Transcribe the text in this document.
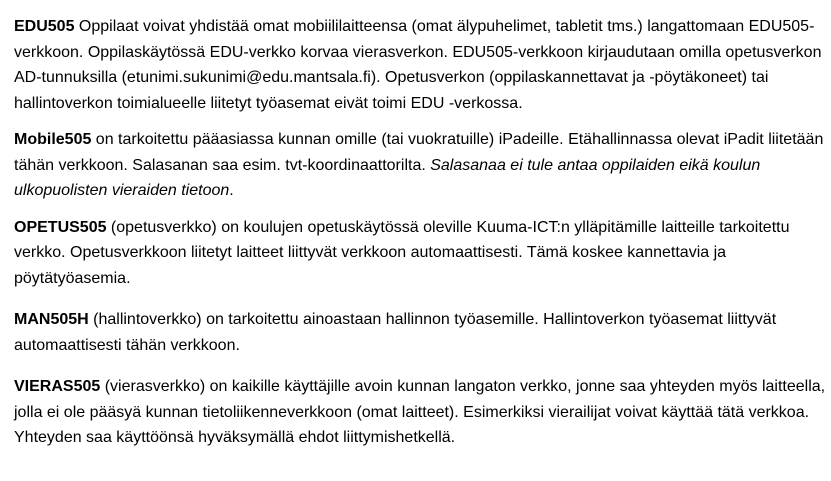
EDU505 Oppilaat voivat yhdistää omat mobiililaitteensa (omat älypuhelimet, tabletit tms.) langattomaan EDU505-verkkoon. Oppilaskäytössä EDU-verkko korvaa vierasverkon. EDU505-verkkoon kirjaudutaan omilla opetusverkon AD-tunnuksilla (etunimi.sukunimi@edu.mantsala.fi). Opetusverkon (oppilaskannettavat ja -pöytäkoneet) tai hallintoverkon toimialueelle liitetyt työasemat eivät toimi EDU -verkossa.

Mobile505 on tarkoitettu pääasiassa kunnan omille (tai vuokratuille) iPadeille. Etähallinnassa olevat iPadit liitetään tähän verkkoon. Salasanan saa esim. tvt-koordinaattorilta. Salasanaa ei tule antaa oppilaiden eikä koulun ulkopuolisten vieraiden tietoon.

OPETUS505 (opetusverkko) on koulujen opetuskäytössä oleville Kuuma-ICT:n ylläpitämille laitteille tarkoitettu verkko. Opetusverkkoon liitetyt laitteet liittyvät verkkoon automaattisesti. Tämä koskee kannettavia ja pöytätyöasemia.

MAN505H (hallintoverkko) on tarkoitettu ainoastaan hallinnon työasemille. Hallintoverkon työasemat liittyvät automaattisesti tähän verkkoon.

VIERAS505 (vierasverkko) on kaikille käyttäjille avoin kunnan langaton verkko, jonne saa yhteyden myös laitteella, jolla ei ole pääsyä kunnan tietoliikenneverkkoon (omat laitteet). Esimerkiksi vierailijat voivat käyttää tätä verkkoa. Yhteyden saa käyttöönsä hyväksymällä ehdot liittymishetkellä.
